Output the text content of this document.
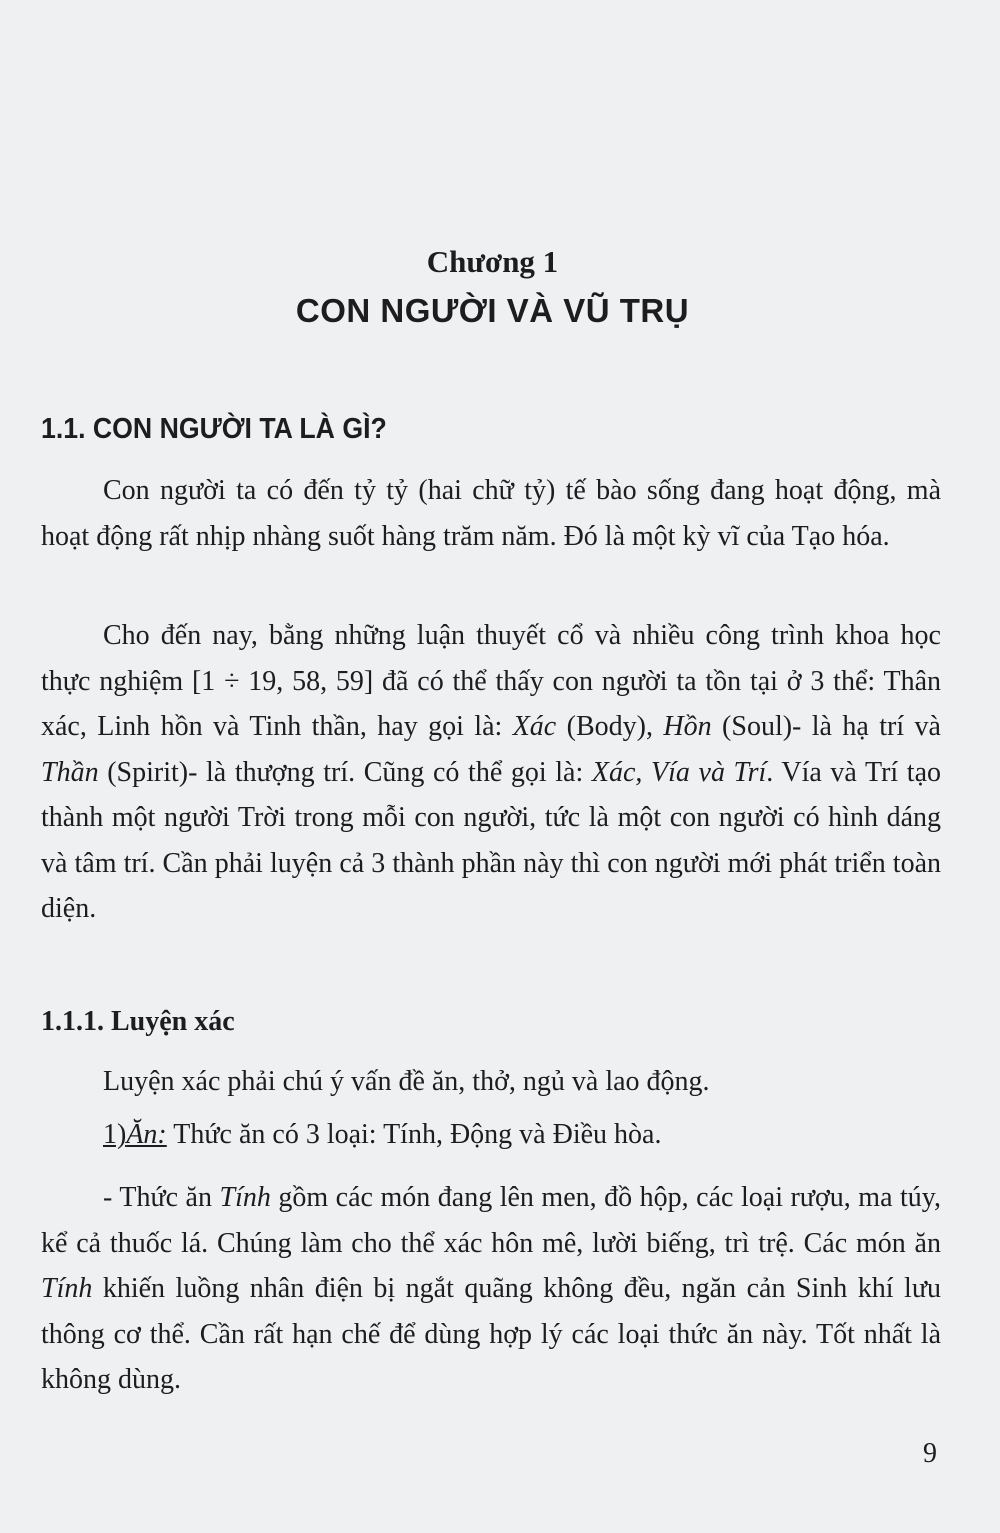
Chương 1
CON NGƯỜI VÀ VŨ TRỤ
1.1. CON NGƯỜI TA LÀ GÌ?

Con người ta có đến tỷ tỷ (hai chữ tỷ) tế bào sống đang hoạt động, mà hoạt động rất nhịp nhàng suốt hàng trăm năm. Đó là một kỳ vĩ của Tạo hóa.

Cho đến nay, bằng những luận thuyết cổ và nhiều công trình khoa học thực nghiệm [1 ÷ 19, 58, 59] đã có thể thấy con người ta tồn tại ở 3 thể: Thân xác, Linh hồn và Tinh thần, hay gọi là: Xác (Body), Hồn (Soul)- là hạ trí và Thần (Spirit)- là thượng trí. Cũng có thể gọi là: Xác, Vía và Trí. Vía và Trí tạo thành một người Trời trong mỗi con người, tức là một con người có hình dáng và tâm trí. Cần phải luyện cả 3 thành phần này thì con người mới phát triển toàn diện.

1.1.1. Luyện xác

Luyện xác phải chú ý vấn đề ăn, thở, ngủ và lao động.

1)Ăn: Thức ăn có 3 loại: Tính, Động và Điều hòa.

- Thức ăn Tính gồm các món đang lên men, đồ hộp, các loại rượu, ma túy, kể cả thuốc lá. Chúng làm cho thể xác hôn mê, lười biếng, trì trệ. Các món ăn Tính khiến luồng nhân điện bị ngắt quãng không đều, ngăn cản Sinh khí lưu thông cơ thể. Cần rất hạn chế để dùng hợp lý các loại thức ăn này. Tốt nhất là không dùng.

9
